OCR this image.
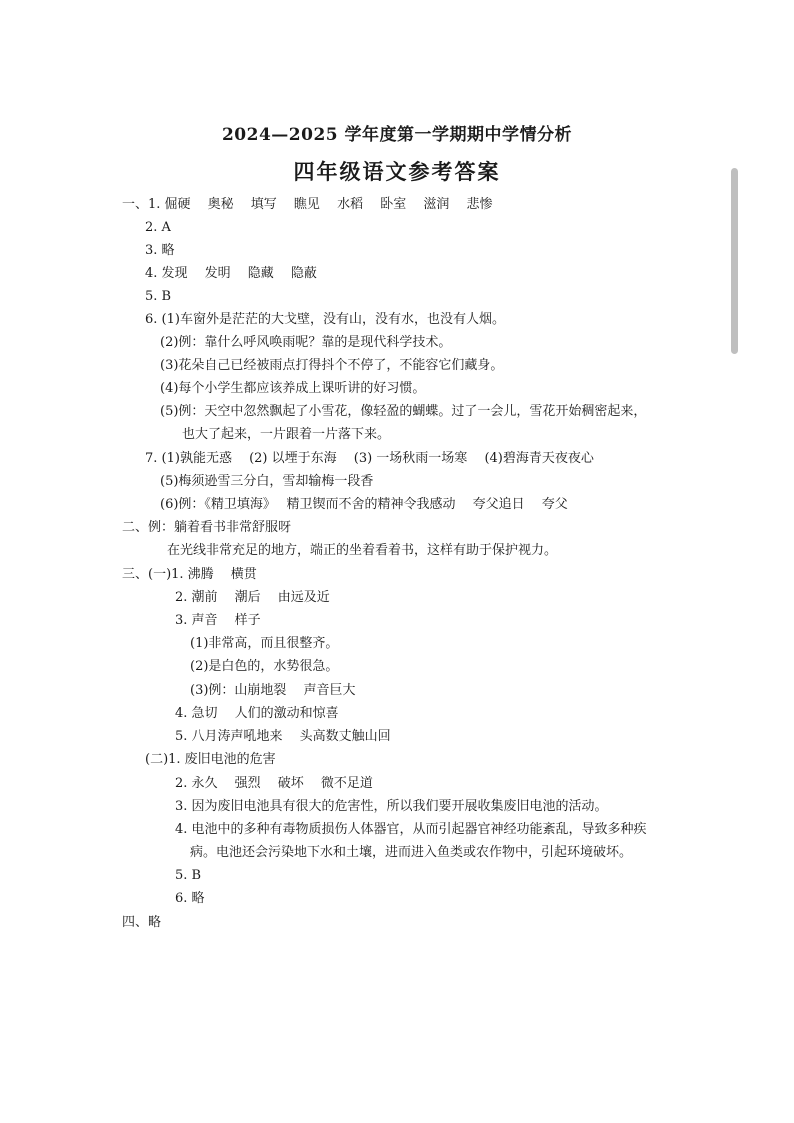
2024—2025 学年度第一学期期中学情分析
四年级语文参考答案
一、1. 倔硬　 奥秘　 填写　 瞧见　 水稻　 卧室　 滋润　 悲惨
2. A
3. 略
4. 发现　 发明　 隐藏　 隐蔽
5. B
6. (1)车窗外是茫茫的大戈壁，没有山，没有水，也没有人烟。
(2)例：靠什么呼风唤雨呢？靠的是现代科学技术。
(3)花朵自己已经被雨点打得抖个不停了，不能容它们藏身。
(4)每个小学生都应该养成上课听讲的好习惯。
(5)例：天空中忽然飘起了小雪花，像轻盈的蝴蝶。过了一会儿，雪花开始稠密起来，
也大了起来，一片跟着一片落下来。
7. (1)孰能无惑　 (2) 以堙于东海　 (3) 一场秋雨一场寒　 (4)碧海青天夜夜心
(5)梅须逊雪三分白，雪却输梅一段香
(6)例：《精卫填海》　 精卫锲而不舍的精神令我感动　 夸父追日　 夸父
二、例：躺着看书非常舒服呀
在光线非常充足的地方，端正的坐着看着书，这样有助于保护视力。
三、(一)1. 沸腾　 横贯
2. 潮前　 潮后　 由远及近
3. 声音　 样子
(1)非常高，而且很整齐。
(2)是白色的，水势很急。
(3)例：山崩地裂　 声音巨大
4. 急切　 人们的激动和惊喜
5. 八月涛声吼地来　 头高数丈触山回
(二)1. 废旧电池的危害
2. 永久　 强烈　 破坏　 微不足道
3. 因为废旧电池具有很大的危害性，所以我们要开展收集废旧电池的活动。
4. 电池中的多种有毒物质损伤人体器官，从而引起器官神经功能紊乱，导致多种疾
病。电池还会污染地下水和土壤，进而进入鱼类或农作物中，引起环境破坏。
5. B
6. 略
四、略
